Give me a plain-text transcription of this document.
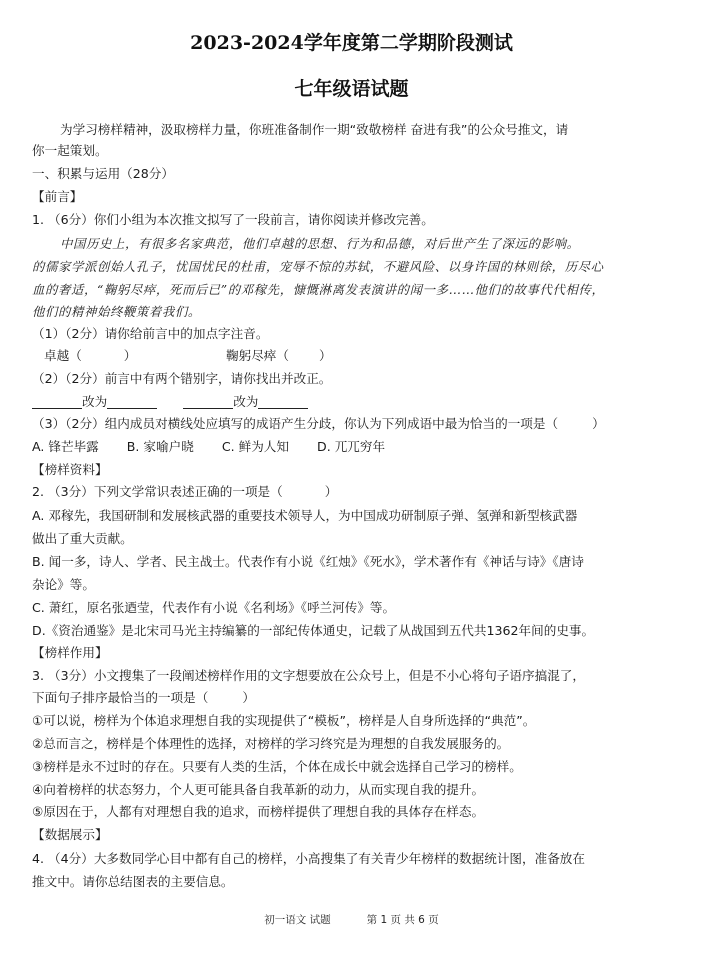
2023-2024学年度第二学期阶段测试
七年级语试题
为学习榜样精神，汲取榜样力量，你班准备制作一期“致敬榜样 奋进有我”的公众号推文，请
你一起策划。
一、积累与运用（28分）
【前言】
1. （6分）你们小组为本次推文拟写了一段前言，请你阅读并修改完善。
中国历史上，有很多名家典范，他们卓越的思想、行为和品德，对后世产生了深远的影响。
的儒家学派创始人孔子，忧国忧民的杜甫，宠辱不惊的苏轼，不避风险、以身许国的林则徐，历尽心
血的奢适，“鞠躬尽瘁，死而后已”的邓稼先，慷慨淋离发表演讲的闻一多……他们的故事代代相传，
他们的精神始终鞭策着我们。
（1）（2分）请你给前言中的加点字注音。
卓越（	）	鞠躬尽瘁（ ）
（2）（2分）前言中有两个错别字，请你找出并改正。
改为	改为
（3）（2分）组内成员对横线处应填写的成语产生分歧，你认为下列成语中最为恰当的一项是（	）
A. 锋芒毕露 B. 家喻户晓 C. 鲜为人知 D. 兀兀穷年
【榜样资料】
2. （3分）下列文学常识表述正确的一项是（	）
A. 邓稼先，我国研制和发展核武器的重要技术领导人，为中国成功研制原子弹、氢弹和新型核武器
做出了重大贡献。
B. 闻一多，诗人、学者、民主战士。代表作有小说《红烛》《死水》，学术著作有《神话与诗》《唐诗
杂论》等。
C. 萧红，原名张迺莹，代表作有小说《名利场》《呼兰河传》等。
D.《资治通鉴》是北宋司马光主持编纂的一部纪传体通史，记载了从战国到五代共1362年间的史事。
【榜样作用】
3. （3分）小文搜集了一段阐述榜样作用的文字想要放在公众号上，但是不小心将句子语序搞混了，
下面句子排序最恰当的一项是（	）
①可以说，榜样为个体追求理想自我的实现提供了“模板”，榜样是人自身所选择的“典范”。
②总而言之，榜样是个体理性的选择，对榜样的学习终究是为理想的自我发展服务的。
③榜样是永不过时的存在。只要有人类的生活，个体在成长中就会选择自己学习的榜样。
④向着榜样的状态努力，个人更可能具备自我革新的动力，从而实现自我的提升。
⑤原因在于，人都有对理想自我的追求，而榜样提供了理想自我的具体存在样态。
【数据展示】
4. （4分）大多数同学心目中都有自己的榜样，小高搜集了有关青少年榜样的数据统计图，准备放在
推文中。请你总结图表的主要信息。
初一语文 试题	第 1 页 共 6 页
